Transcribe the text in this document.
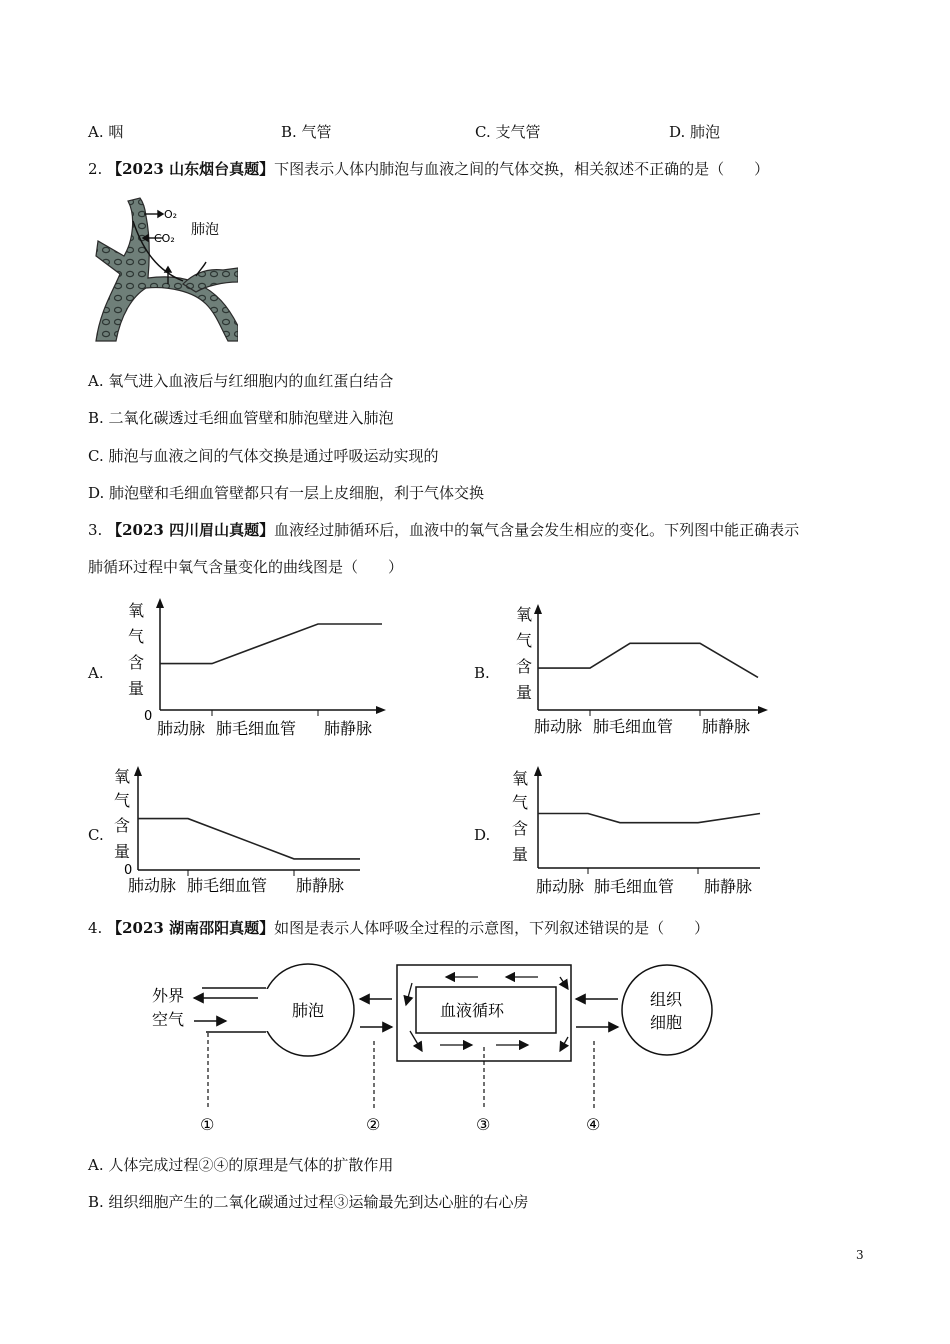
A. 咽	B. 气管	C. 支气管	D. 肺泡
2. 【2023 山东烟台真题】下图表示人体内肺泡与血液之间的气体交换，相关叙述不正确的是（　　）
O₂
CO₂
肺泡
A. 氧气进入血液后与红细胞内的血红蛋白结合
B. 二氧化碳透过毛细血管壁和肺泡壁进入肺泡
C. 肺泡与血液之间的气体交换是通过呼吸运动实现的
D. 肺泡壁和毛细血管壁都只有一层上皮细胞，利于气体交换
3. 【2023 四川眉山真题】血液经过肺循环后，血液中的氧气含量会发生相应的变化。下列图中能正确表示
肺循环过程中氧气含量变化的曲线图是（　　）
A.	B.
C.	D.
氧
气
含
量
0
肺动脉 肺毛细血管 肺静脉
氧
气
含
量
肺动脉 肺毛细血管 肺静脉
氧
气
含
量
0
肺动脉 肺毛细血管 肺静脉
氧
气
含
量
肺动脉 肺毛细血管 肺静脉
4. 【2023 湖南邵阳真题】如图是表示人体呼吸全过程的示意图，下列叙述错误的是（　　）
外界
空气	肺泡	血液循环
组织
细胞
①	②	③	④
A. 人体完成过程②④的原理是气体的扩散作用
B. 组织细胞产生的二氧化碳通过过程③运输最先到达心脏的右心房
3
